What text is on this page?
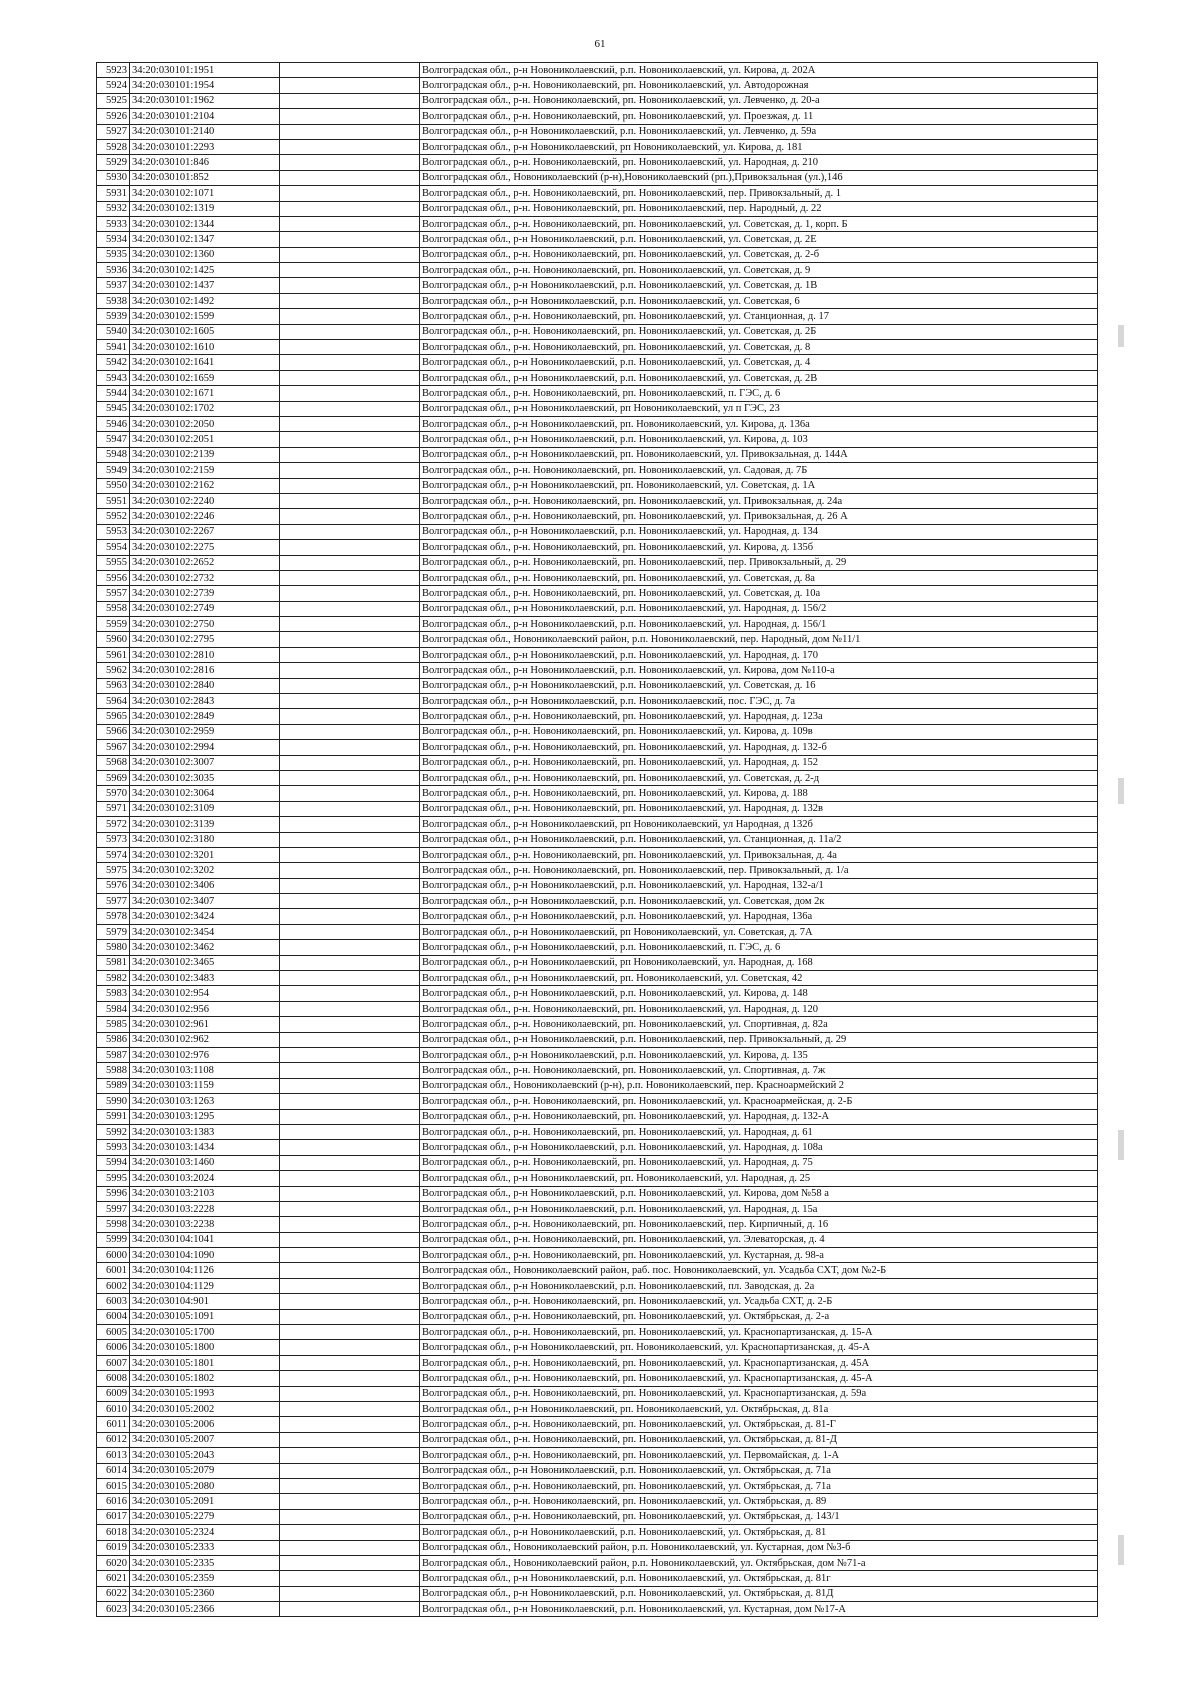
61
5923	34:20:030101:1951		Волгоградская обл., р-н Новониколаевский, р.п. Новониколаевский, ул. Кирова, д. 202А
5924	34:20:030101:1954		Волгоградская обл., р-н. Новониколаевский, рп. Новониколаевский, ул. Автодорожная
5925	34:20:030101:1962		Волгоградская обл., р-н. Новониколаевский, рп. Новониколаевский, ул. Левченко, д. 20-а
5926	34:20:030101:2104		Волгоградская обл., р-н. Новониколаевский, рп. Новониколаевский, ул. Проезжая, д. 11
5927	34:20:030101:2140		Волгоградская обл., р-н Новониколаевский, р.п. Новониколаевский, ул. Левченко, д. 59а
5928	34:20:030101:2293		Волгоградская обл., р-н Новониколаевский, рп Новониколаевский, ул. Кирова, д. 181
5929	34:20:030101:846		Волгоградская обл., р-н. Новониколаевский, рп. Новониколаевский, ул. Народная, д. 210
5930	34:20:030101:852		Волгоградская обл., Новониколаевский (р-н),Новониколаевский (рп.),Привокзальная (ул.),146
5931	34:20:030102:1071		Волгоградская обл., р-н. Новониколаевский, рп. Новониколаевский, пер. Привокзальный, д. 1
5932	34:20:030102:1319		Волгоградская обл., р-н. Новониколаевский, рп. Новониколаевский, пер. Народный, д. 22
5933	34:20:030102:1344		Волгоградская обл., р-н. Новониколаевский, рп. Новониколаевский, ул. Советская, д. 1, корп. Б
5934	34:20:030102:1347		Волгоградская обл., р-н Новониколаевский, р.п. Новониколаевский, ул. Советская, д. 2Е
5935	34:20:030102:1360		Волгоградская обл., р-н. Новониколаевский, рп. Новониколаевский, ул. Советская, д. 2-б
5936	34:20:030102:1425		Волгоградская обл., р-н. Новониколаевский, рп. Новониколаевский, ул. Советская, д. 9
5937	34:20:030102:1437		Волгоградская обл., р-н Новониколаевский, р.п. Новониколаевский, ул. Советская, д. 1В
5938	34:20:030102:1492		Волгоградская обл., р-н Новониколаевский, р.п. Новониколаевский, ул. Советская, 6
5939	34:20:030102:1599		Волгоградская обл., р-н. Новониколаевский, рп. Новониколаевский, ул. Станционная, д. 17
5940	34:20:030102:1605		Волгоградская обл., р-н. Новониколаевский, рп. Новониколаевский, ул. Советская, д. 2Б
5941	34:20:030102:1610		Волгоградская обл., р-н. Новониколаевский, рп. Новониколаевский, ул. Советская, д. 8
5942	34:20:030102:1641		Волгоградская обл., р-н Новониколаевский, р.п. Новониколаевский, ул. Советская, д. 4
5943	34:20:030102:1659		Волгоградская обл., р-н Новониколаевский, р.п. Новониколаевский, ул. Советская, д. 2В
5944	34:20:030102:1671		Волгоградская обл., р-н. Новониколаевский, рп. Новониколаевский, п. ГЭС, д. 6
5945	34:20:030102:1702		Волгоградская обл., р-н Новониколаевский, рп Новониколаевский, ул п ГЭС, 23
5946	34:20:030102:2050		Волгоградская обл., р-н Новониколаевский, рп. Новониколаевский, ул. Кирова, д. 136а
5947	34:20:030102:2051		Волгоградская обл., р-н Новониколаевский, р.п. Новониколаевский, ул. Кирова, д. 103
5948	34:20:030102:2139		Волгоградская обл., р-н Новониколаевский, рп. Новониколаевский, ул. Привокзальная, д. 144А
5949	34:20:030102:2159		Волгоградская обл., р-н. Новониколаевский, рп. Новониколаевский, ул. Садовая, д. 7Б
5950	34:20:030102:2162		Волгоградская обл., р-н Новониколаевский, рп. Новониколаевский, ул. Советская, д. 1А
5951	34:20:030102:2240		Волгоградская обл., р-н. Новониколаевский, рп. Новониколаевский, ул. Привокзальная, д. 24а
5952	34:20:030102:2246		Волгоградская обл., р-н. Новониколаевский, рп. Новониколаевский, ул. Привокзальная, д. 26 А
5953	34:20:030102:2267		Волгоградская обл., р-н Новониколаевский, р.п. Новониколаевский, ул. Народная, д. 134
5954	34:20:030102:2275		Волгоградская обл., р-н. Новониколаевский, рп. Новониколаевский, ул. Кирова, д. 135б
5955	34:20:030102:2652		Волгоградская обл., р-н. Новониколаевский, рп. Новониколаевский, пер. Привокзальный, д. 29
5956	34:20:030102:2732		Волгоградская обл., р-н. Новониколаевский, рп. Новониколаевский, ул. Советская, д. 8а
5957	34:20:030102:2739		Волгоградская обл., р-н. Новониколаевский, рп. Новониколаевский, ул. Советская, д. 10а
5958	34:20:030102:2749		Волгоградская обл., р-н Новониколаевский, р.п. Новониколаевский, ул. Народная, д. 156/2
5959	34:20:030102:2750		Волгоградская обл., р-н Новониколаевский, р.п. Новониколаевский, ул. Народная, д. 156/1
5960	34:20:030102:2795		Волгоградская обл., Новониколаевский район, р.п. Новониколаевский, пер. Народный, дом №11/1
5961	34:20:030102:2810		Волгоградская обл., р-н Новониколаевский, р.п. Новониколаевский, ул. Народная, д. 170
5962	34:20:030102:2816		Волгоградская обл., р-н Новониколаевский, р.п. Новониколаевский, ул. Кирова, дом №110-а
5963	34:20:030102:2840		Волгоградская обл., р-н Новониколаевский, р.п. Новониколаевский, ул. Советская, д. 16
5964	34:20:030102:2843		Волгоградская обл., р-н Новониколаевский, р.п. Новониколаевский, пос. ГЭС, д. 7а
5965	34:20:030102:2849		Волгоградская обл., р-н. Новониколаевский, рп. Новониколаевский, ул. Народная, д. 123а
5966	34:20:030102:2959		Волгоградская обл., р-н. Новониколаевский, рп. Новониколаевский, ул. Кирова, д. 109в
5967	34:20:030102:2994		Волгоградская обл., р-н. Новониколаевский, рп. Новониколаевский, ул. Народная, д. 132-б
5968	34:20:030102:3007		Волгоградская обл., р-н. Новониколаевский, рп. Новониколаевский, ул. Народная, д. 152
5969	34:20:030102:3035		Волгоградская обл., р-н. Новониколаевский, рп. Новониколаевский, ул. Советская, д. 2-д
5970	34:20:030102:3064		Волгоградская обл., р-н. Новониколаевский, рп. Новониколаевский, ул. Кирова, д. 188
5971	34:20:030102:3109		Волгоградская обл., р-н. Новониколаевский, рп. Новониколаевский, ул. Народная, д. 132в
5972	34:20:030102:3139		Волгоградская обл., р-н Новониколаевский, рп Новониколаевский, ул Народная, д 132б
5973	34:20:030102:3180		Волгоградская обл., р-н Новониколаевский, р.п. Новониколаевский, ул. Станционная, д. 11а/2
5974	34:20:030102:3201		Волгоградская обл., р-н. Новониколаевский, рп. Новониколаевский, ул. Привокзальная, д. 4а
5975	34:20:030102:3202		Волгоградская обл., р-н. Новониколаевский, рп. Новониколаевский, пер. Привокзальный, д. 1/а
5976	34:20:030102:3406		Волгоградская обл., р-н Новониколаевский, р.п. Новониколаевский, ул. Народная, 132-а/1
5977	34:20:030102:3407		Волгоградская обл., р-н Новониколаевский, р.п. Новониколаевский, ул. Советская, дом 2к
5978	34:20:030102:3424		Волгоградская обл., р-н Новониколаевский, р.п. Новониколаевский, ул. Народная, 136а
5979	34:20:030102:3454		Волгоградская обл., р-н Новониколаевский, рп Новониколаевский, ул. Советская, д. 7А
5980	34:20:030102:3462		Волгоградская обл., р-н Новониколаевский, р.п. Новониколаевский, п. ГЭС, д. 6
5981	34:20:030102:3465		Волгоградская обл., р-н Новониколаевский, рп Новониколаевский, ул. Народная, д. 168
5982	34:20:030102:3483		Волгоградская обл., р-н Новониколаевский, рп. Новониколаевский, ул. Советская, 42
5983	34:20:030102:954		Волгоградская обл., р-н Новониколаевский, р.п. Новониколаевский, ул. Кирова, д. 148
5984	34:20:030102:956		Волгоградская обл., р-н. Новониколаевский, рп. Новониколаевский, ул. Народная, д. 120
5985	34:20:030102:961		Волгоградская обл., р-н. Новониколаевский, рп. Новониколаевский, ул. Спортивная, д. 82а
5986	34:20:030102:962		Волгоградская обл., р-н Новониколаевский, р.п. Новониколаевский, пер. Привокзальный, д. 29
5987	34:20:030102:976		Волгоградская обл., р-н Новониколаевский, р.п. Новониколаевский, ул. Кирова, д. 135
5988	34:20:030103:1108		Волгоградская обл., р-н. Новониколаевский, рп. Новониколаевский, ул. Спортивная, д. 7ж
5989	34:20:030103:1159		Волгоградская обл., Новониколаевский (р-н), р.п. Новониколаевский, пер. Красноармейский 2
5990	34:20:030103:1263		Волгоградская обл., р-н. Новониколаевский, рп. Новониколаевский, ул. Красноармейская, д. 2-Б
5991	34:20:030103:1295		Волгоградская обл., р-н. Новониколаевский, рп. Новониколаевский, ул. Народная, д. 132-А
5992	34:20:030103:1383		Волгоградская обл., р-н. Новониколаевский, рп. Новониколаевский, ул. Народная, д. 61
5993	34:20:030103:1434		Волгоградская обл., р-н Новониколаевский, р.п. Новониколаевский, ул. Народная, д. 108а
5994	34:20:030103:1460		Волгоградская обл., р-н. Новониколаевский, рп. Новониколаевский, ул. Народная, д. 75
5995	34:20:030103:2024		Волгоградская обл., р-н Новониколаевский, рп. Новониколаевский, ул. Народная, д. 25
5996	34:20:030103:2103		Волгоградская обл., р-н Новониколаевский, р.п. Новониколаевский, ул. Кирова, дом №58 а
5997	34:20:030103:2228		Волгоградская обл., р-н Новониколаевский, р.п. Новониколаевский, ул. Народная, д. 15а
5998	34:20:030103:2238		Волгоградская обл., р-н. Новониколаевский, рп. Новониколаевский, пер. Кирпичный, д. 16
5999	34:20:030104:1041		Волгоградская обл., р-н. Новониколаевский, рп. Новониколаевский, ул. Элеваторская, д. 4
6000	34:20:030104:1090		Волгоградская обл., р-н. Новониколаевский, рп. Новониколаевский, ул. Кустарная, д. 98-а
6001	34:20:030104:1126		Волгоградская обл., Новониколаевский район, раб. пос. Новониколаевский, ул. Усадьба СХТ, дом №2-Б
6002	34:20:030104:1129		Волгоградская обл., р-н Новониколаевский, р.п. Новониколаевский, пл. Заводская, д. 2а
6003	34:20:030104:901		Волгоградская обл., р-н. Новониколаевский, рп. Новониколаевский, ул. Усадьба СХТ, д. 2-Б
6004	34:20:030105:1091		Волгоградская обл., р-н. Новониколаевский, рп. Новониколаевский, ул. Октябрьская, д. 2-а
6005	34:20:030105:1700		Волгоградская обл., р-н. Новониколаевский, рп. Новониколаевский, ул. Краснопартизанская, д. 15-А
6006	34:20:030105:1800		Волгоградская обл., р-н Новониколаевский, рп. Новониколаевский, ул. Краснопартизанская, д. 45-А
6007	34:20:030105:1801		Волгоградская обл., р-н. Новониколаевский, рп. Новониколаевский, ул. Краснопартизанская, д. 45А
6008	34:20:030105:1802		Волгоградская обл., р-н. Новониколаевский, рп. Новониколаевский, ул. Краснопартизанская, д. 45-А
6009	34:20:030105:1993		Волгоградская обл., р-н. Новониколаевский, рп. Новониколаевский, ул. Краснопартизанская, д. 59а
6010	34:20:030105:2002		Волгоградская обл., р-н Новониколаевский, рп. Новониколаевский, ул. Октябрьская, д. 81а
6011	34:20:030105:2006		Волгоградская обл., р-н. Новониколаевский, рп. Новониколаевский, ул. Октябрьская, д. 81-Г
6012	34:20:030105:2007		Волгоградская обл., р-н. Новониколаевский, рп. Новониколаевский, ул. Октябрьская, д. 81-Д
6013	34:20:030105:2043		Волгоградская обл., р-н. Новониколаевский, рп. Новониколаевский, ул. Первомайская, д. 1-А
6014	34:20:030105:2079		Волгоградская обл., р-н Новониколаевский, р.п. Новониколаевский, ул. Октябрьская, д. 71а
6015	34:20:030105:2080		Волгоградская обл., р-н. Новониколаевский, рп. Новониколаевский, ул. Октябрьская, д. 71а
6016	34:20:030105:2091		Волгоградская обл., р-н. Новониколаевский, рп. Новониколаевский, ул. Октябрьская, д. 89
6017	34:20:030105:2279		Волгоградская обл., р-н. Новониколаевский, рп. Новониколаевский, ул. Октябрьская, д. 143/1
6018	34:20:030105:2324		Волгоградская обл., р-н Новониколаевский, р.п. Новониколаевский, ул. Октябрьская, д. 81
6019	34:20:030105:2333		Волгоградская обл., Новониколаевский район, р.п. Новониколаевский, ул. Кустарная, дом №3-б
6020	34:20:030105:2335		Волгоградская обл., Новониколаевский район, р.п. Новониколаевский, ул. Октябрьская, дом №71-а
6021	34:20:030105:2359		Волгоградская обл., р-н Новониколаевский, р.п. Новониколаевский, ул. Октябрьская, д. 81г
6022	34:20:030105:2360		Волгоградская обл., р-н Новониколаевский, р.п. Новониколаевский, ул. Октябрьская, д. 81Д
6023	34:20:030105:2366		Волгоградская обл., р-н Новониколаевский, р.п. Новониколаевский, ул. Кустарная, дом №17-А
